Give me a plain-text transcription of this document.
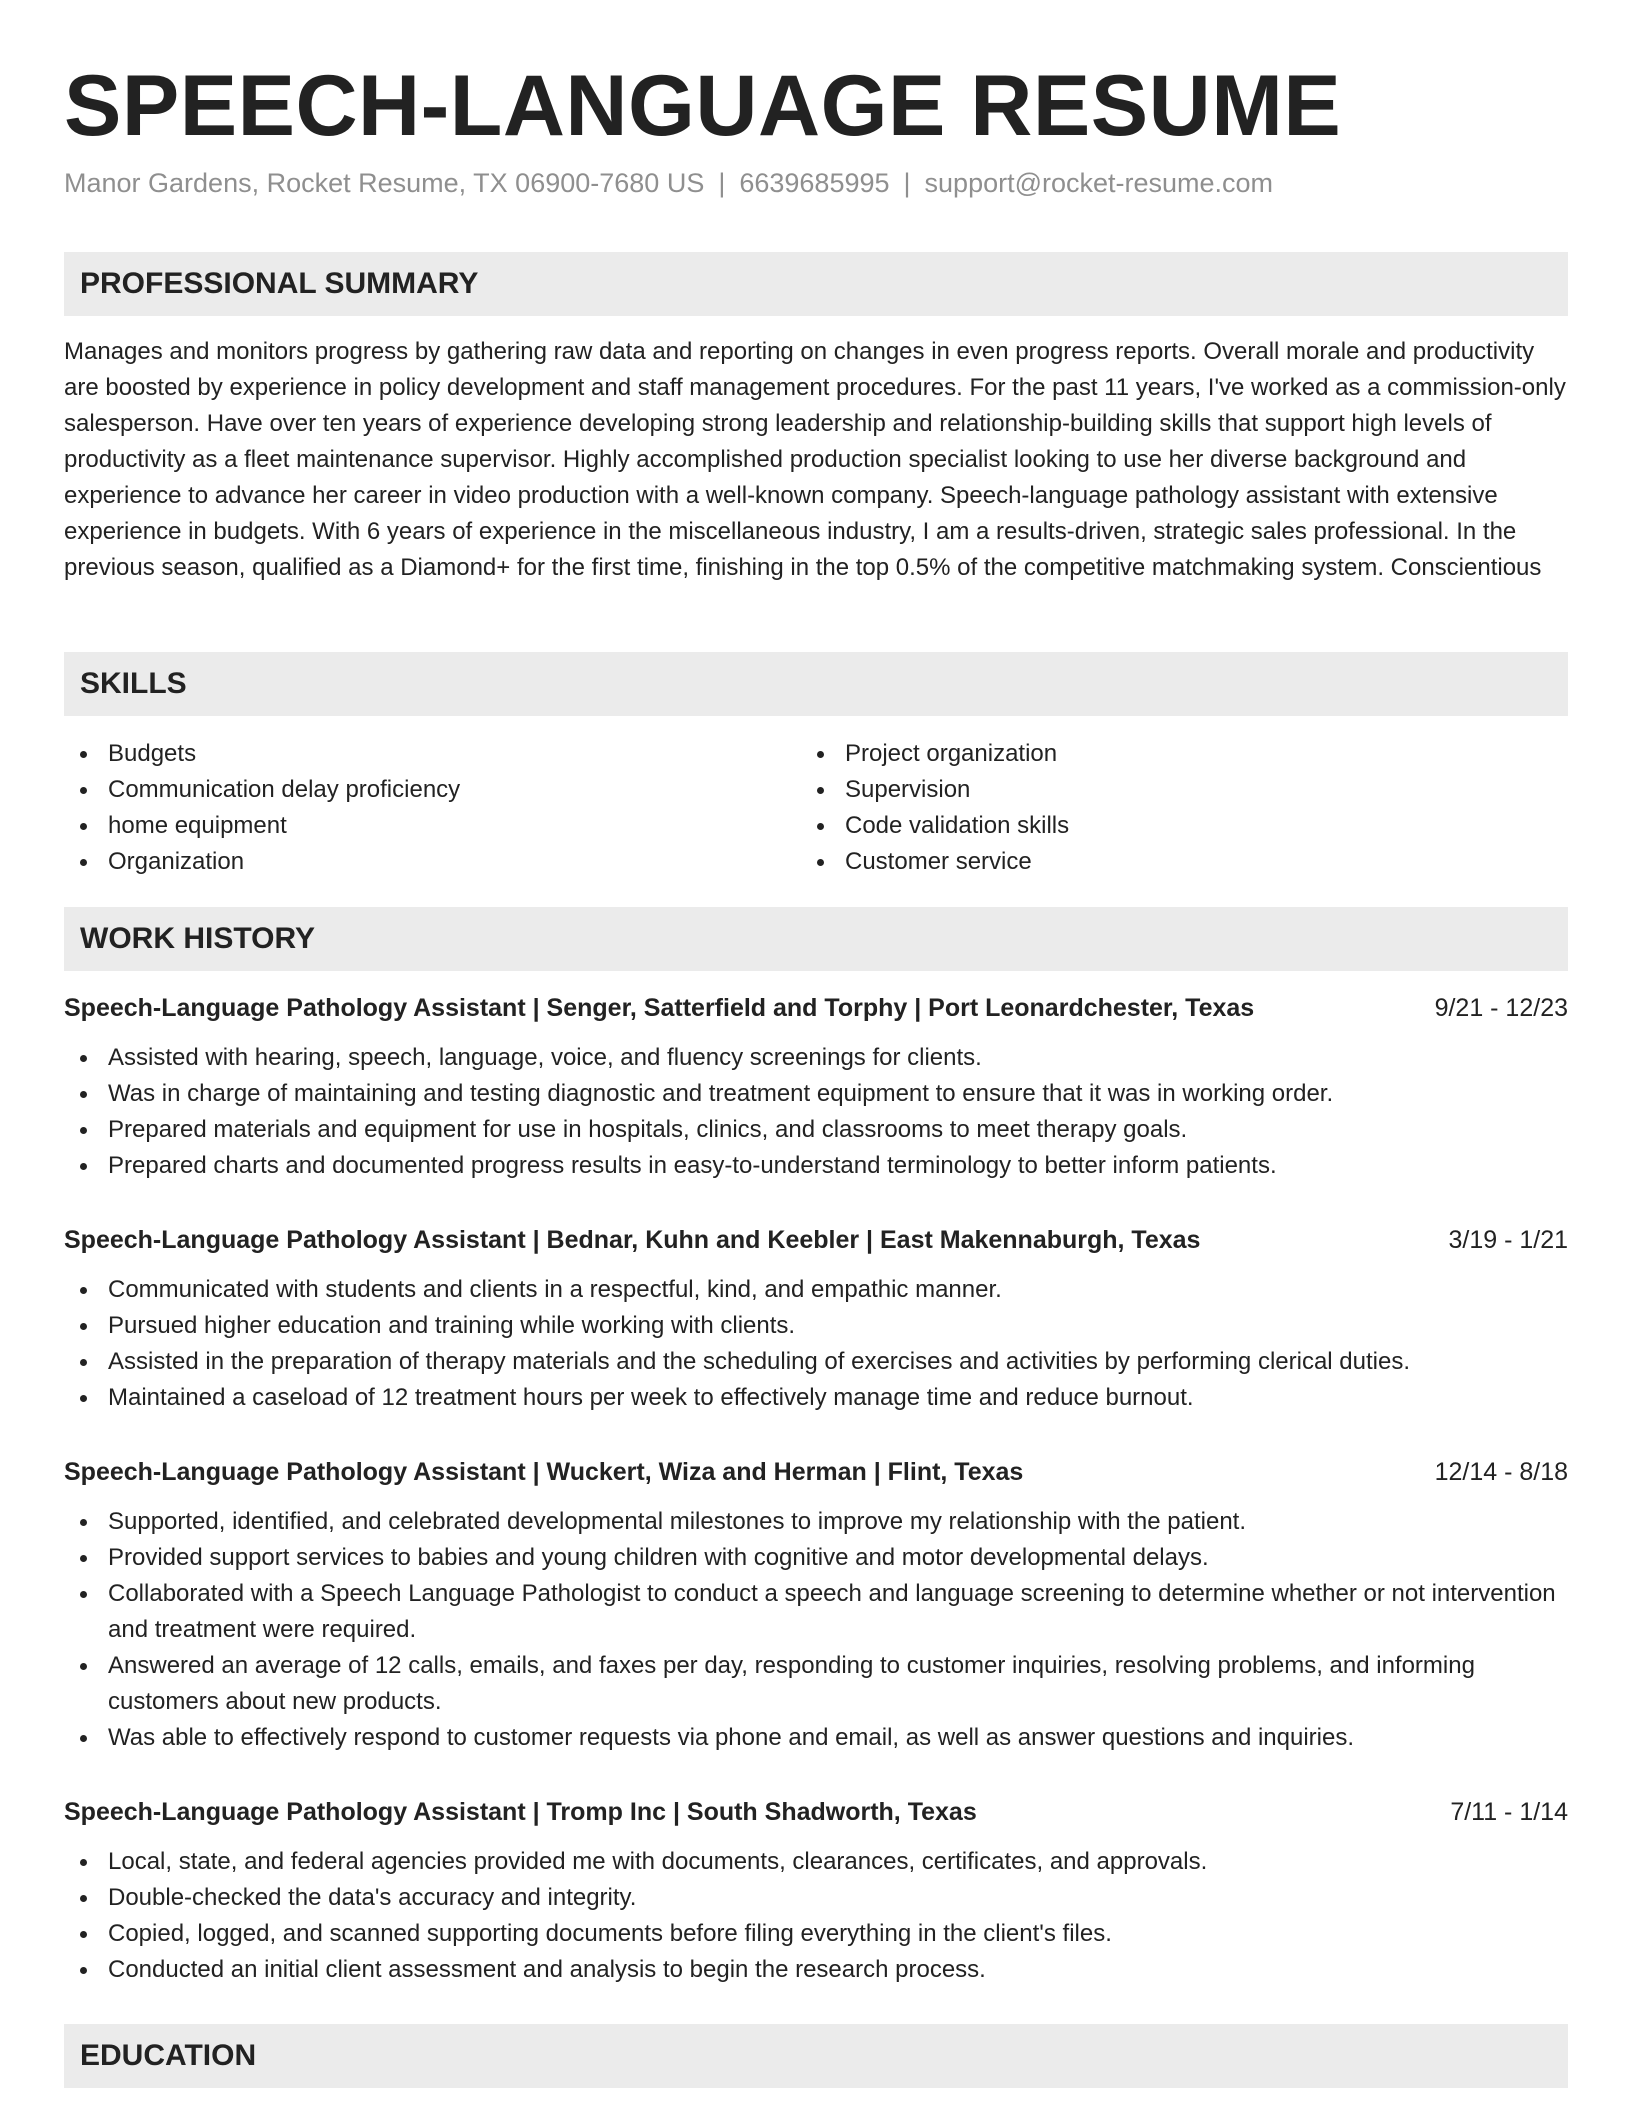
SPEECH-LANGUAGE RESUME
Manor Gardens, Rocket Resume, TX 06900-7680 US | 6639685995 | support@rocket-resume.com
PROFESSIONAL SUMMARY

Manages and monitors progress by gathering raw data and reporting on changes in even progress reports. Overall morale and productivity are boosted by experience in policy development and staff management procedures. For the past 11 years, I've worked as a commission-only salesperson. Have over ten years of experience developing strong leadership and relationship-building skills that support high levels of productivity as a fleet maintenance supervisor. Highly accomplished production specialist looking to use her diverse background and experience to advance her career in video production with a well-known company. Speech-language pathology assistant with extensive experience in budgets. With 6 years of experience in the miscellaneous industry, I am a results-driven, strategic sales professional. In the previous season, qualified as a Diamond+ for the first time, finishing in the top 0.5% of the competitive matchmaking system. Conscientious

SKILLS
Budgets
Communication delay proficiency
home equipment
Organization
Project organization
Supervision
Code validation skills
Customer service
WORK HISTORY
Speech-Language Pathology Assistant | Senger, Satterfield and Torphy | Port Leonardchester, Texas	9/21 - 12/23
Assisted with hearing, speech, language, voice, and fluency screenings for clients.
Was in charge of maintaining and testing diagnostic and treatment equipment to ensure that it was in working order.
Prepared materials and equipment for use in hospitals, clinics, and classrooms to meet therapy goals.
Prepared charts and documented progress results in easy-to-understand terminology to better inform patients.
Speech-Language Pathology Assistant | Bednar, Kuhn and Keebler | East Makennaburgh, Texas	3/19 - 1/21
Communicated with students and clients in a respectful, kind, and empathic manner.
Pursued higher education and training while working with clients.
Assisted in the preparation of therapy materials and the scheduling of exercises and activities by performing clerical duties.
Maintained a caseload of 12 treatment hours per week to effectively manage time and reduce burnout.
Speech-Language Pathology Assistant | Wuckert, Wiza and Herman | Flint, Texas	12/14 - 8/18
Supported, identified, and celebrated developmental milestones to improve my relationship with the patient.
Provided support services to babies and young children with cognitive and motor developmental delays.
Collaborated with a Speech Language Pathologist to conduct a speech and language screening to determine whether or not intervention and treatment were required.
Answered an average of 12 calls, emails, and faxes per day, responding to customer inquiries, resolving problems, and informing customers about new products.
Was able to effectively respond to customer requests via phone and email, as well as answer questions and inquiries.
Speech-Language Pathology Assistant | Tromp Inc | South Shadworth, Texas	7/11 - 1/14
Local, state, and federal agencies provided me with documents, clearances, certificates, and approvals.
Double-checked the data's accuracy and integrity.
Copied, logged, and scanned supporting documents before filing everything in the client's files.
Conducted an initial client assessment and analysis to begin the research process.
EDUCATION
